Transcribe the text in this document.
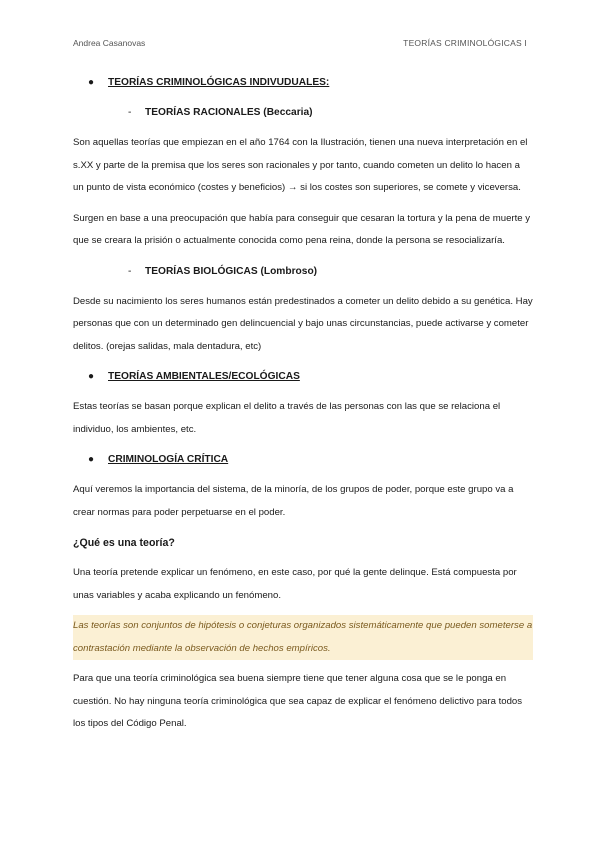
Andrea Casanovas	TEORÍAS CRIMINOLÓGICAS I
● TEORÍAS CRIMINOLÓGICAS INDIVUDUALES:
- TEORÍAS RACIONALES (Beccaria)

Son aquellas teorías que empiezan en el año 1764 con la Ilustración, tienen una nueva interpretación en el s.XX y parte de la premisa que los seres son racionales y por tanto, cuando cometen un delito lo hacen a un punto de vista económico (costes y beneficios) → si los costes son superiores, se comete y viceversa.

Surgen en base a una preocupación que había para conseguir que cesaran la tortura y la pena de muerte y que se creara la prisión o actualmente conocida como pena reina, donde la persona se resocializaría.

- TEORÍAS BIOLÓGICAS (Lombroso)

Desde su nacimiento los seres humanos están predestinados a cometer un delito debido a su genética. Hay personas que con un determinado gen delincuencial y bajo unas circunstancias, puede activarse y cometer delitos. (orejas salidas, mala dentadura, etc)

● TEORÍAS AMBIENTALES/ECOLÓGICAS

Estas teorías se basan porque explican el delito a través de las personas con las que se relaciona el individuo, los ambientes, etc.

● CRIMINOLOGÍA CRÍTICA

Aquí veremos la importancia del sistema, de la minoría, de los grupos de poder, porque este grupo va a crear normas para poder perpetuarse en el poder.

¿Qué es una teoría?

Una teoría pretende explicar un fenómeno, en este caso, por qué la gente delinque. Está compuesta por unas variables y acaba explicando un fenómeno.

Las teorías son conjuntos de hipótesis o conjeturas organizados sistemáticamente que pueden someterse a contrastación mediante la observación de hechos empíricos.

Para que una teoría criminológica sea buena siempre tiene que tener alguna cosa que se le ponga en cuestión. No hay ninguna teoría criminológica que sea capaz de explicar el fenómeno delictivo para todos los tipos del Código Penal.
